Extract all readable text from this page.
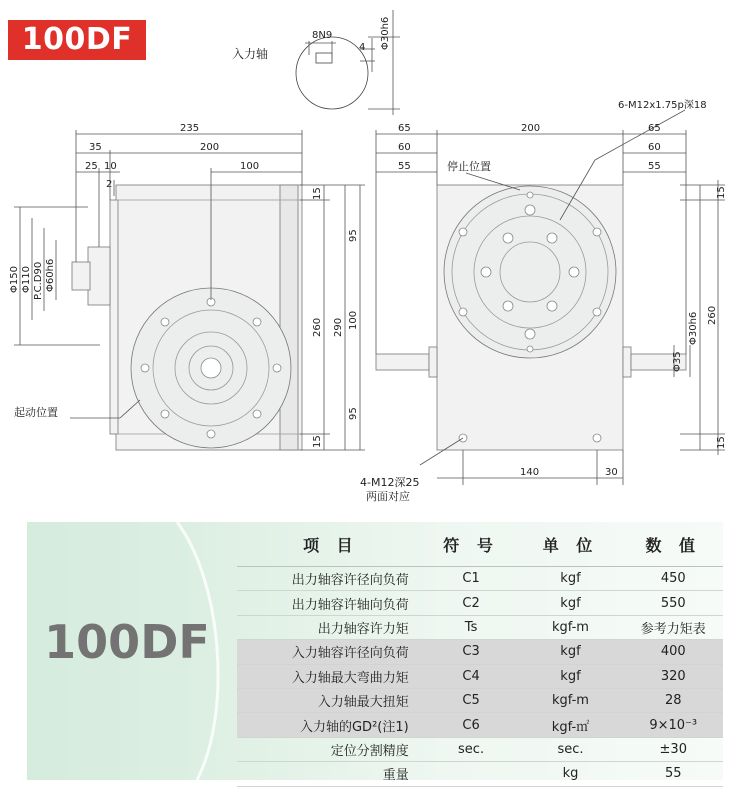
100DF	入力轴
8N9
4 Φ30h6
235
35	200
25 10	100
2
15
95
100
95
15
260 290
Φ150 Φ110 P.C.D90 Φ60h6
起动位置
65
60
55
200	65
60
55
停止位置
6-M12x1.75p深18
15
260
Φ30h6
Φ35
15
140	30
4-M12深25
两面对应
100DF
项 目	符 号	单 位	数 值
出力轴容许径向负荷	C1	kgf	450
出力轴容许轴向负荷	C2	kgf	550
出力轴容许力矩	Ts	kgf-m	参考力矩表
入力轴容许径向负荷	C3	kgf	400
入力轴最大弯曲力矩	C4	kgf	320
入力轴最大扭矩	C5	kgf-m	28
入力轴的GD²(注1)	C6	kgf-㎡	9×10⁻³
定位分割精度	sec.	sec.	±30
重量		kg	55
